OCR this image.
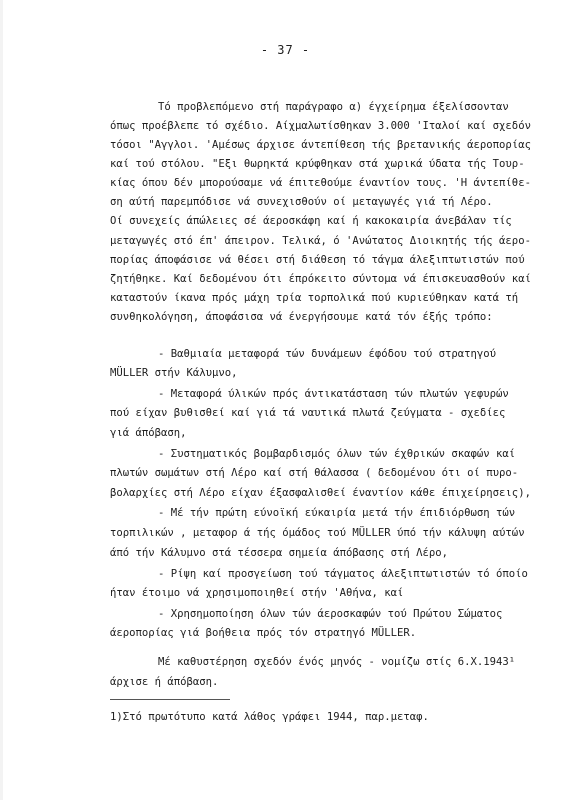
- 37 -
Τό προβλεπόμενο στή παράγραφο α) έγχείρημα έξελίσσονταν
όπως προέβλεπε τό σχέδιο. Αίχμαλωτίσθηκαν 3.000 'Ιταλοί καί σχεδόν
τόσοι "Αγγλοι. 'Αμέσως άρχισε άντεπίθεση τής βρετανικής άεροπορίας
καί τού στόλου. "Εξι θωρηκτά κρύφθηκαν στά χωρικά ύδατα τής Τουρ-
κίας όπου δέν μπορούσαμε νά έπιτεθούμε έναντίον τους. 'Η άντεπίθε-
ση αύτή παρεμπόδισε νά συνεχισθούν οί μεταγωγές γιά τή Λέρο.
Οί συνεχείς άπώλειες σέ άεροσκάφη καί ή κακοκαιρία άνεβάλαν τίς
μεταγωγές στό έπ' άπειρον. Τελικά, ό 'Ανώτατος Διοικητής τής άερο-
πορίας άποφάσισε νά θέσει στή διάθεση τό τάγμα άλεξιπτωτιστών πού
ζητήθηκε. Καί δεδομένου ότι έπρόκειτο σύντομα νά έπισκευασθούν καί
καταστούν ίκανα πρός μάχη τρία τορπολικά πού κυριεύθηκαν κατά τή
συνθηκολόγηση, άποφάσισα νά ένεργήσουμε κατά τόν έξής τρόπο:
- Βαθμιαία μεταφορά τών δυνάμεων έφόδου τού στρατηγού
MÜLLER στήν Κάλυμνο,
- Μεταφορά ύλικών πρός άντικατάσταση τών πλωτών γεφυρών
πού είχαν βυθισθεί καί γιά τά ναυτικά πλωτά ζεύγματα - σχεδίες
γιά άπόβαση,
- Συστηματικός βομβαρδισμός όλων τών έχθρικών σκαφών καί
πλωτών σωμάτων στή Λέρο καί στή θάλασσα ( δεδομένου ότι οί πυρο-
βολαρχίες στή Λέρο είχαν έξασφαλισθεί έναντίον κάθε έπιχείρησεις),
- Μέ τήν πρώτη εύνοϊκή εύκαιρία μετά τήν έπιδιόρθωση τών
τορπιλικών , μεταφορ ά τής όμάδος τού MÜLLER ύπό τήν κάλυψη αύτών
άπό τήν Κάλυμνο στά τέσσερα σημεία άπόβασης στή Λέρο,
- Ρίψη καί προσγείωση τού τάγματος άλεξιπτωτιστών τό όποίο
ήταν έτοιμο νά χρησιμοποιηθεί στήν 'Αθήνα, καί
- Χρησημοποίηση όλων τών άεροσκαφών τού Πρώτου Σώματος
άεροπορίας γιά βοήθεια πρός τόν στρατηγό MÜLLER.
Μέ καθυστέρηση σχεδόν ένός μηνός - νομίζω στίς 6.Χ.1943¹
άρχισε ή άπόβαση.
1)Στό πρωτότυπο κατά λάθος γράφει 1944, παρ.μεταφ.
